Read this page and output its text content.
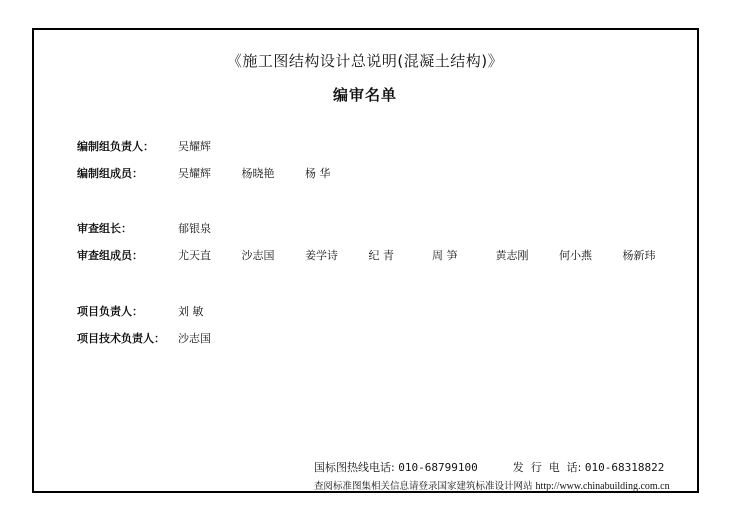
《施工图结构设计总说明(混凝土结构)》
编审名单
编制组负责人： 吴耀辉
编制组成员：	吴耀辉	杨晓艳	杨 华
审查组长：	郁银泉
审查组成员：	尤天直	沙志国	姜学诗	纪 青	周 笋	黄志刚	何小燕	杨新玮
项目负责人：	刘 敏
项目技术负责人： 沙志国
国标图热线电话: 010-68799100	发  行  电  话: 010-68318822
查阅标准图集相关信息请登录国家建筑标准设计网站 http://www.chinabuilding.com.cn
